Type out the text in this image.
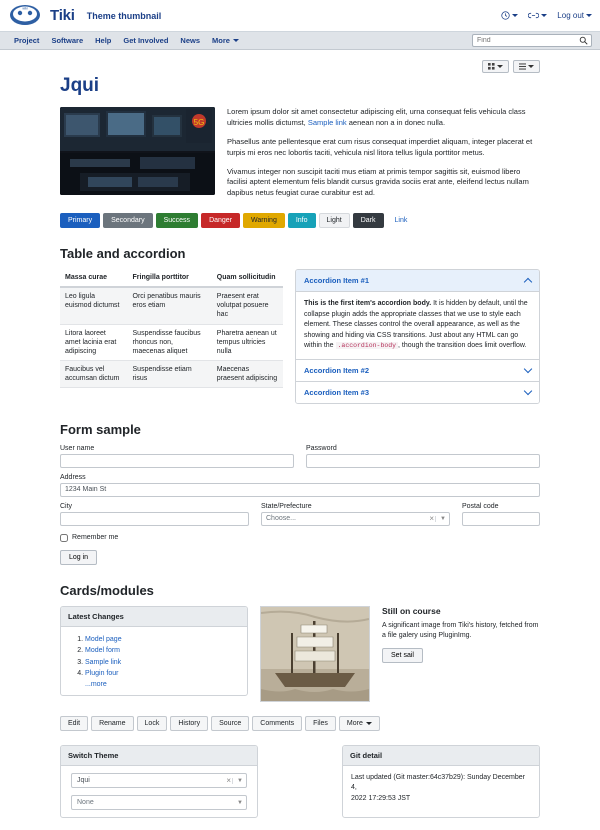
wiki Tiki Theme thumbnail	Log out
Project Software Help Get Involved News More
Find
Jqui
5G

Lorem ipsum dolor sit amet consectetur adipiscing elit, urna consequat felis vehicula class ultricies mollis dictumst, Sample link aenean non a in donec nulla.

Phasellus ante pellentesque erat cum risus consequat imperdiet aliquam, integer placerat et turpis mi eros nec lobortis taciti, vehicula nisl litora tellus ligula porttitor metus.

Vivamus integer non suscipit taciti mus etiam at primis tempor sagittis sit, euismod libero facilisi aptent elementum felis blandit cursus gravida sociis erat ante, eleifend lectus nullam dapibus netus feugiat curae curabitur est ad.

Primary	Secondary	Success	Danger	Warning	Info	Light	Dark	Link
Table and accordion
Massa curae	Fringilla porttitor	Quam sollicitudin
Leo ligula euismod dictumst	Orci penatibus mauris eros etiam	Praesent erat volutpat posuere hac
Litora laoreet amet lacinia erat adipiscing	Suspendisse faucibus rhoncus non, maecenas aliquet	Pharetra aenean ut tempus ultricies nulla
Faucibus vel accumsan dictum	Suspendisse etiam risus	Maecenas praesent adipiscing
Accordion Item #1
This is the first item's accordion body. It is hidden by default, until the collapse plugin adds the appropriate classes that we use to style each element. These classes control the overall appearance, as well as the showing and hiding via CSS transitions. Just about any HTML can go within the .accordion-body , though the transition does limit overflow.
Accordion Item #2
Accordion Item #3
Form sample
User name	Password
Address
1234 Main St
City	State/Prefecture
Choose...	×	▼
Postal code
Remember me
Log in
Cards/modules
Latest Changes
1. Model page
2. Model form
3. Sample link
4. Plugin four
...more
Still on course

A significant image from Tiki's history, fetched from a file galery using PluginImg.

Set sail
Edit	Rename	Lock	History	Source	Comments	Files	More
Switch Theme
Jqui	×	▼
None	▼
Git detail
Last updated (Git master:64c37b29): Sunday December 4,
2022 17:29:53 JST
